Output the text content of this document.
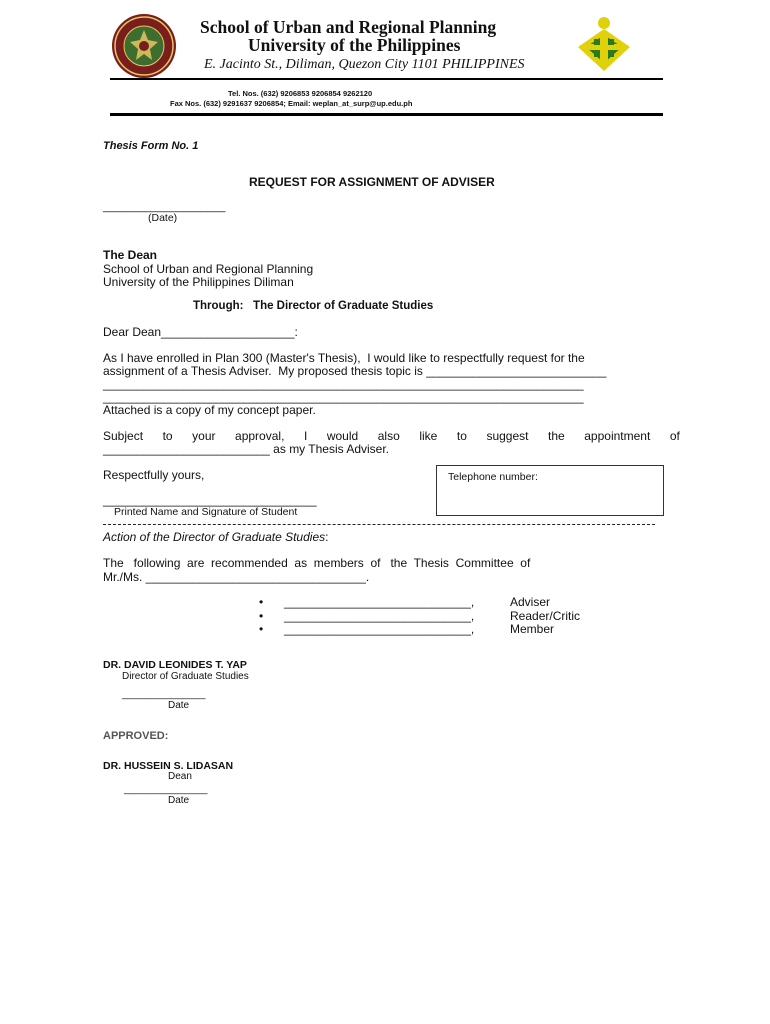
School of Urban and Regional Planning
University of the Philippines
E. Jacinto St., Diliman, Quezon City 1101 PHILIPPINES
Tel. Nos. (632) 9206853 9206854 9262120
Fax Nos. (632) 9291637 9206854; Email: weplan_at_surp@up.edu.ph
Thesis Form No. 1
REQUEST FOR ASSIGNMENT OF ADVISER
____________________
(Date)
The Dean
School of Urban and Regional Planning
University of the Philippines Diliman
Through:   The Director of Graduate Studies
Dear Dean____________________:
As I have enrolled in Plan 300 (Master's Thesis),  I would like to respectfully request for the
assignment of a Thesis Adviser.  My proposed thesis topic is ___________________________
________________________________________________________________________
________________________________________________________________________
Attached is a copy of my concept paper.
Subject to your approval, I would also like to suggest the appointment of
_________________________ as my Thesis Adviser.
Respectfully yours,	Telephone number:
________________________________
Printed Name and Signature of Student
Action of the Director of Graduate Studies:
The   following  are  recommended  as  members  of   the  Thesis  Committee  of
Mr./Ms. _________________________________.
• ____________________________,	Adviser
• ____________________________,	Reader/Critic
• ____________________________,	Member
DR. DAVID LEONIDES T. YAP
Director of Graduate Studies
_______________
Date
APPROVED:
DR. HUSSEIN S. LIDASAN
Dean
_______________
Date
